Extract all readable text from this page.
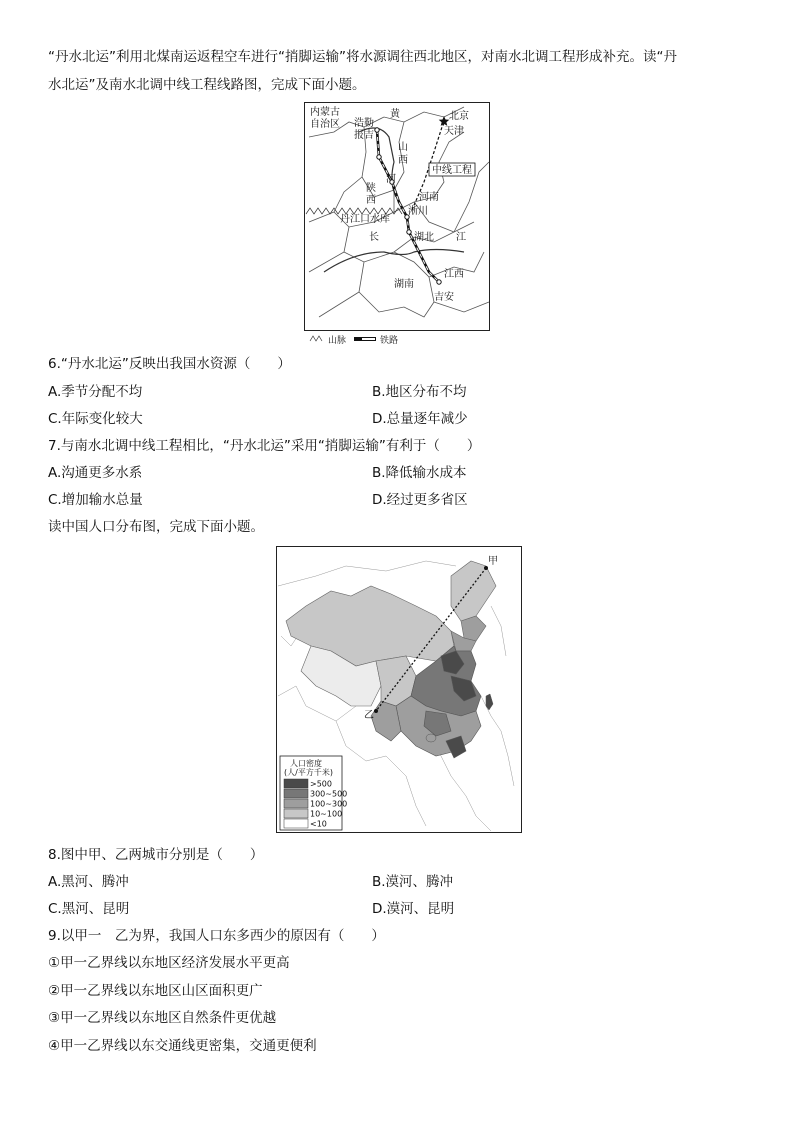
“丹水北运”利用北煤南运返程空车进行“捎脚运输”将水源调往西北地区，对南水北调工程形成补充。读“丹
水北运”及南水北调中线工程线路图，完成下面小题。
中线工程
内蒙古
自治区
黄
浩勒
报吉
北京
天津
山
西
河
陕
西	河南
淅川
丹江口水库
长	湖北 江
湖南
江西
吉安
山脉	铁路
6.“丹水北运”反映出我国水资源（　　）
A.季节分配不均	B.地区分布不均
C.年际变化较大	D.总量逐年减少
7.与南水北调中线工程相比，“丹水北运”采用“捎脚运输”有利于（　　）
A.沟通更多水系	B.降低输水成本
C.增加输水总量	D.经过更多省区
读中国人口分布图，完成下面小题。
甲
乙
人口密度
(人/平方千米)
>500
300~500
100~300
10~100
<10
8.图中甲、乙两城市分别是（　　）
A.黑河、腾冲	B.漠河、腾冲
C.黑河、昆明	D.漠河、昆明
9.以甲一　乙为界，我国人口东多西少的原因有（　　）
①甲一乙界线以东地区经济发展水平更高
②甲一乙界线以东地区山区面积更广
③甲一乙界线以东地区自然条件更优越
④甲一乙界线以东交通线更密集，交通更便利
